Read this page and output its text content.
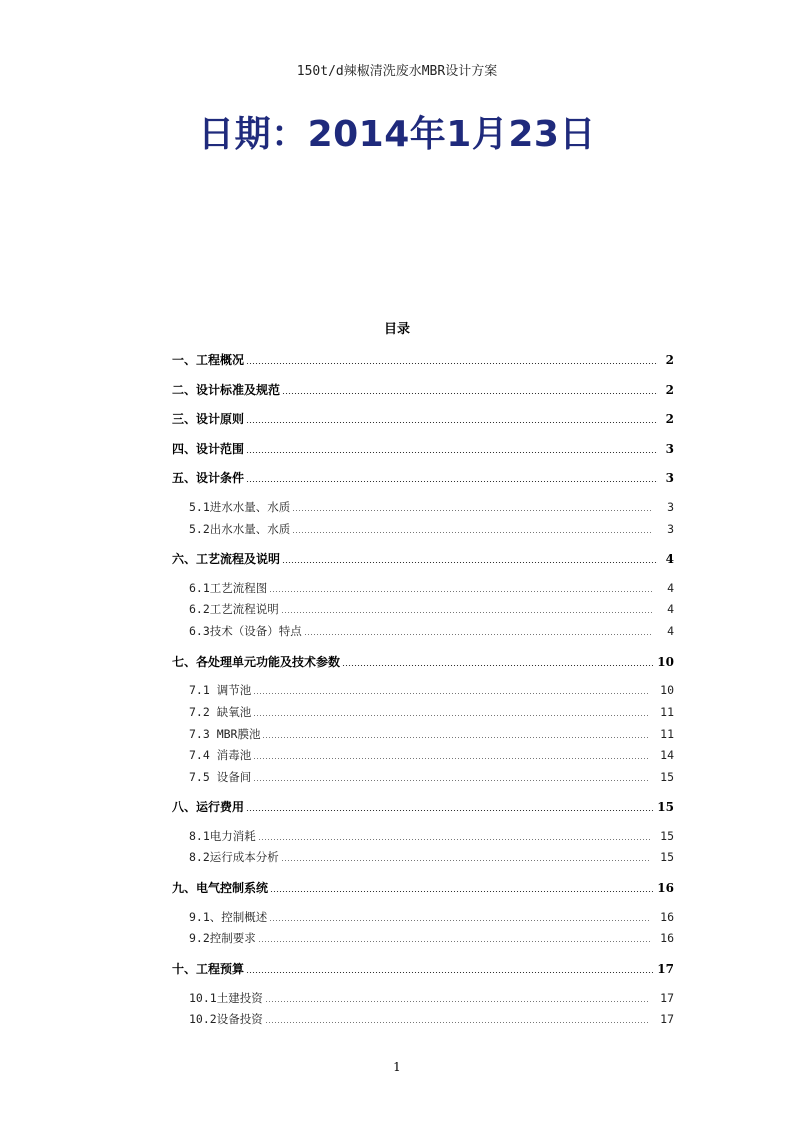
150t/d辣椒清洗废水MBR设计方案
日期：2014年1月23日
目录
一、工程概况	2
二、设计标准及规范	2
三、设计原则	2
四、设计范围	3
五、设计条件	3
5.1进水水量、水质	3
5.2出水水量、水质	3
六、工艺流程及说明	4
6.1工艺流程图	4
6.2工艺流程说明	4
6.3技术（设备）特点	4
七、各处理单元功能及技术参数	10
7.1 调节池	10
7.2 缺氧池	11
7.3 MBR膜池	11
7.4 消毒池	14
7.5 设备间	15
八、运行费用	15
8.1电力消耗	15
8.2运行成本分析	15
九、电气控制系统	16
9.1、控制概述	16
9.2控制要求	16
十、工程预算	17
10.1土建投资	17
10.2设备投资	17
1
